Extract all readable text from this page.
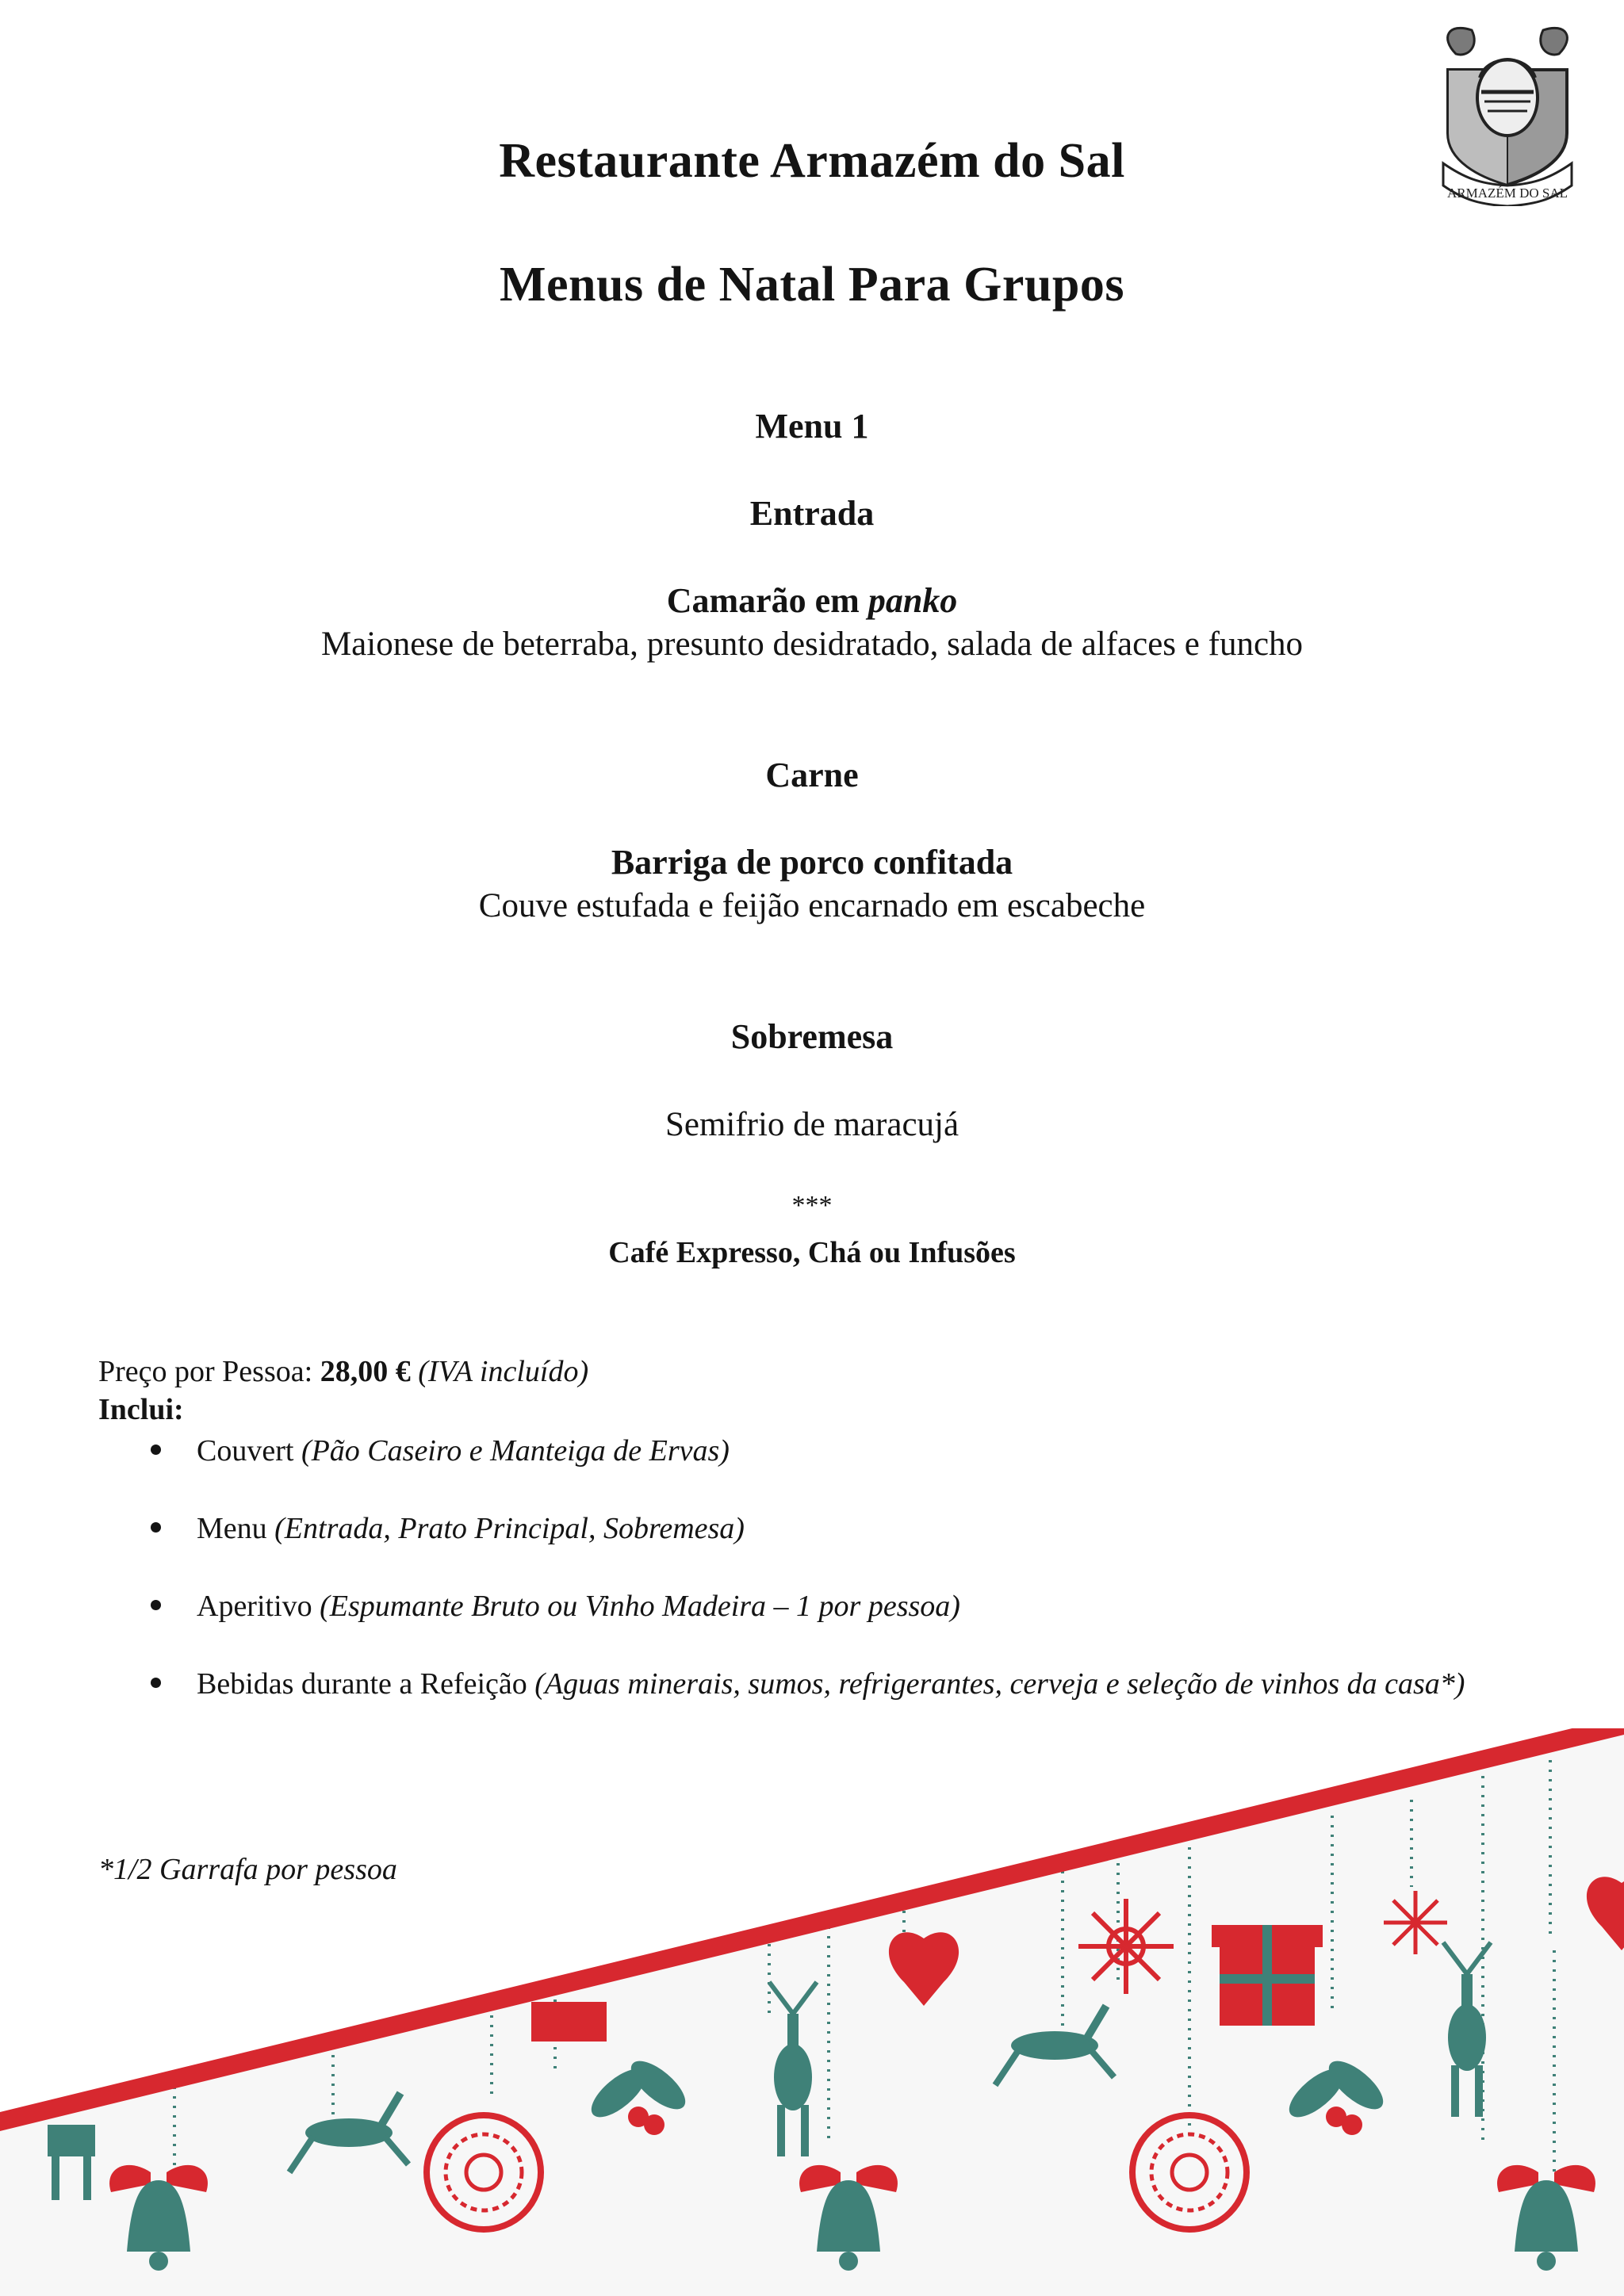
ARMAZÉM DO SAL
Restaurante Armazém do Sal
Menus de Natal Para Grupos
Menu 1
Entrada
Camarão em panko
Maionese de beterraba, presunto desidratado, salada de alfaces e funcho
Carne
Barriga de porco confitada
Couve estufada e feijão encarnado em escabeche
Sobremesa
Semifrio de maracujá
***
Café Expresso, Chá ou Infusões
Preço por Pessoa: 28,00 € (IVA incluído)
Inclui:
Couvert (Pão Caseiro e Manteiga de Ervas)
Menu (Entrada, Prato Principal, Sobremesa)
Aperitivo (Espumante Bruto ou Vinho Madeira – 1 por pessoa)
Bebidas durante a Refeição (Aguas minerais, sumos, refrigerantes, cerveja e seleção de vinhos da casa*)
*1/2 Garrafa por pessoa
